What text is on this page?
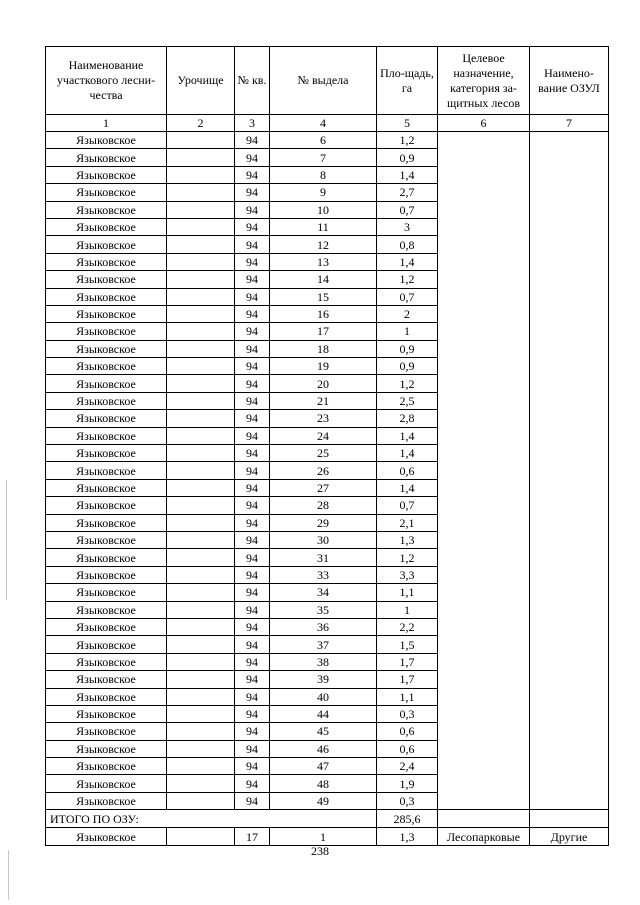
Наименование участкового лесни-чества	Урочище	№ кв.	№ выдела	Пло-щадь, га	Целевое назначение, категория за-щитных лесов	Наимено-вание ОЗУЛ
1	2	3	4	5	6	7
Языковское		94	6	1,2		
Языковское		94	7	0,9		
Языковское		94	8	1,4		
Языковское		94	9	2,7		
Языковское		94	10	0,7		
Языковское		94	11	3		
Языковское		94	12	0,8		
Языковское		94	13	1,4		
Языковское		94	14	1,2		
Языковское		94	15	0,7		
Языковское		94	16	2		
Языковское		94	17	1		
Языковское		94	18	0,9		
Языковское		94	19	0,9		
Языковское		94	20	1,2		
Языковское		94	21	2,5		
Языковское		94	23	2,8		
Языковское		94	24	1,4		
Языковское		94	25	1,4		
Языковское		94	26	0,6		
Языковское		94	27	1,4		
Языковское		94	28	0,7		
Языковское		94	29	2,1		
Языковское		94	30	1,3		
Языковское		94	31	1,2		
Языковское		94	33	3,3		
Языковское		94	34	1,1		
Языковское		94	35	1		
Языковское		94	36	2,2		
Языковское		94	37	1,5		
Языковское		94	38	1,7		
Языковское		94	39	1,7		
Языковское		94	40	1,1		
Языковское		94	44	0,3		
Языковское		94	45	0,6		
Языковское		94	46	0,6		
Языковское		94	47	2,4		
Языковское		94	48	1,9		
Языковское		94	49	0,3		
ИТОГО ПО ОЗУ:				285,6		
Языковское		17	1	1,3	Лесопарковые	Другие
238
